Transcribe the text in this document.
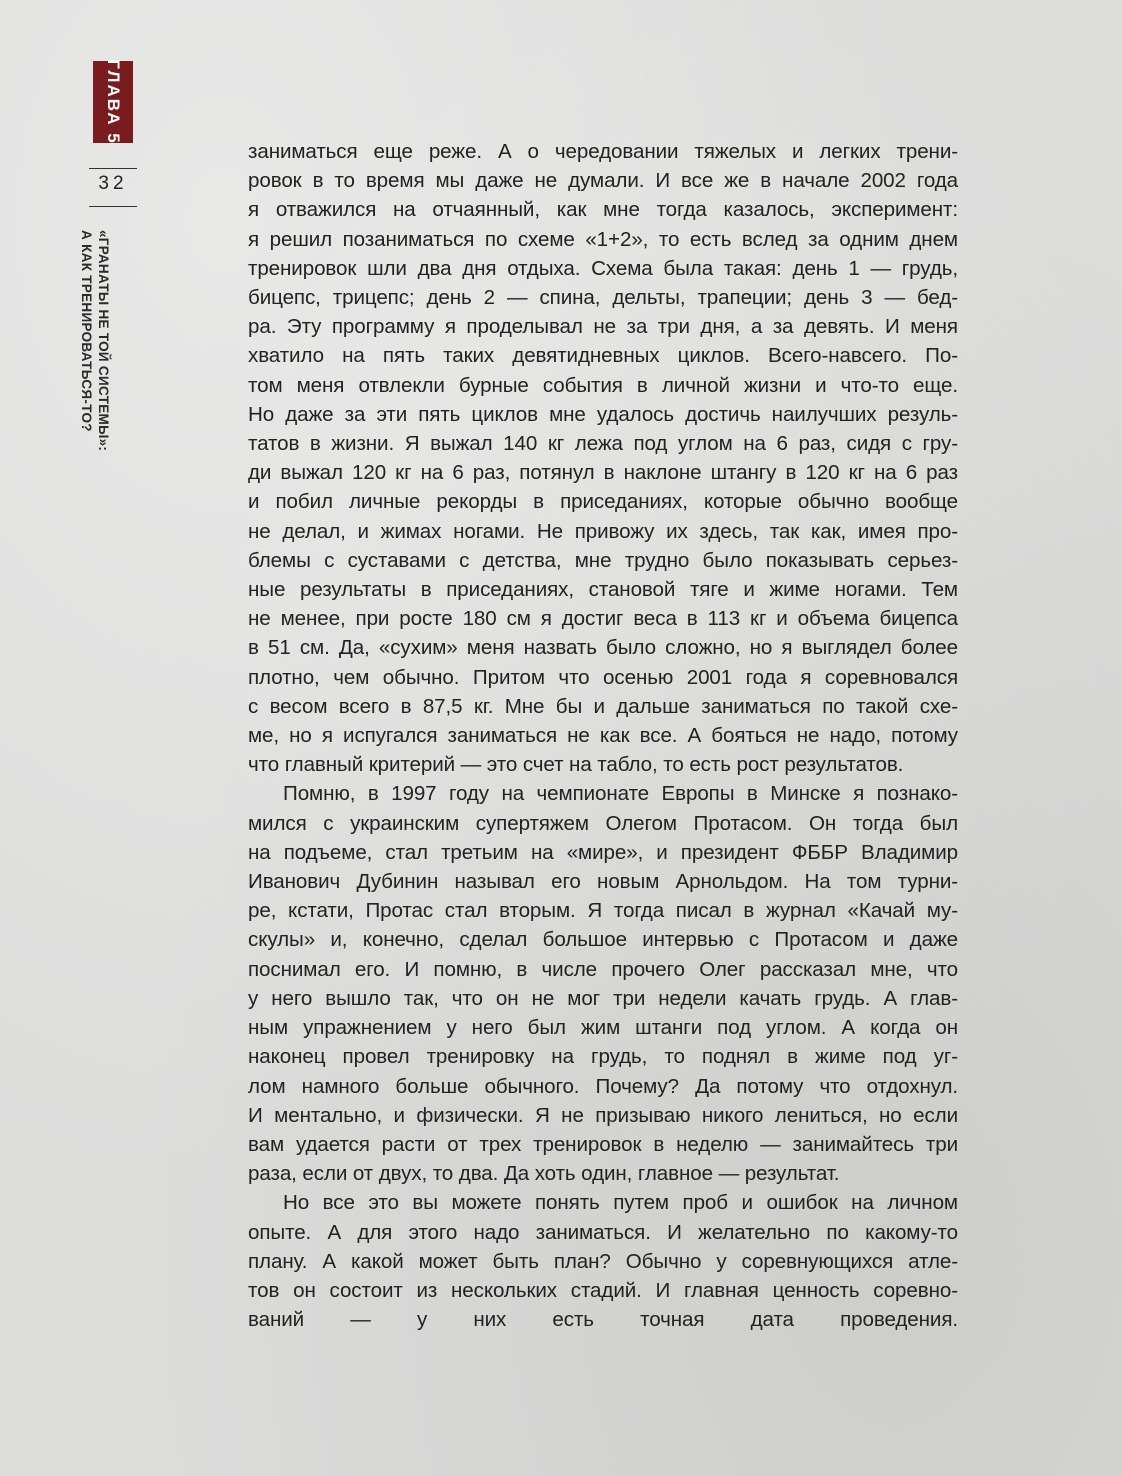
ГЛАВА 5
32
«ГРАНАТЫ НЕ ТОЙ СИСТЕМЫ»:
А КАК ТРЕНИРОВАТЬСЯ-ТО?
заниматься еще реже. А о чередовании тяжелых и легких трени-
ровок в то время мы даже не думали. И все же в начале 2002 года
я отважился на отчаянный, как мне тогда казалось, эксперимент:
я решил позаниматься по схеме «1+2», то есть вслед за одним днем
тренировок шли два дня отдыха. Схема была такая: день 1 — грудь,
бицепс, трицепс; день 2 — спина, дельты, трапеции; день 3 — бед-
ра. Эту программу я проделывал не за три дня, а за девять. И меня
хватило на пять таких девятидневных циклов. Всего-навсего. По-
том меня отвлекли бурные события в личной жизни и что-то еще.
Но даже за эти пять циклов мне удалось достичь наилучших резуль-
татов в жизни. Я выжал 140 кг лежа под углом на 6 раз, сидя с гру-
ди выжал 120 кг на 6 раз, потянул в наклоне штангу в 120 кг на 6 раз
и побил личные рекорды в приседаниях, которые обычно вообще
не делал, и жимах ногами. Не привожу их здесь, так как, имея про-
блемы с суставами с детства, мне трудно было показывать серьез-
ные результаты в приседаниях, становой тяге и жиме ногами. Тем
не менее, при росте 180 см я достиг веса в 113 кг и объема бицепса
в 51 см. Да, «сухим» меня назвать было сложно, но я выглядел более
плотно, чем обычно. Притом что осенью 2001 года я соревновался
с весом всего в 87,5 кг. Мне бы и дальше заниматься по такой схе-
ме, но я испугался заниматься не как все. А бояться не надо, потому
что главный критерий — это счет на табло, то есть рост результатов.
Помню, в 1997 году на чемпионате Европы в Минске я познако-
мился с украинским супертяжем Олегом Протасом. Он тогда был
на подъеме, стал третьим на «мире», и президент ФББР Владимир
Иванович Дубинин называл его новым Арнольдом. На том турни-
ре, кстати, Протас стал вторым. Я тогда писал в журнал «Качай му-
скулы» и, конечно, сделал большое интервью с Протасом и даже
поснимал его. И помню, в числе прочего Олег рассказал мне, что
у него вышло так, что он не мог три недели качать грудь. А глав-
ным упражнением у него был жим штанги под углом. А когда он
наконец провел тренировку на грудь, то поднял в жиме под уг-
лом намного больше обычного. Почему? Да потому что отдохнул.
И ментально, и физически. Я не призываю никого лениться, но если
вам удается расти от трех тренировок в неделю — занимайтесь три
раза, если от двух, то два. Да хоть один, главное — результат.
Но все это вы можете понять путем проб и ошибок на личном
опыте. А для этого надо заниматься. И желательно по какому-то
плану. А какой может быть план? Обычно у соревнующихся атле-
тов он состоит из нескольких стадий. И главная ценность соревно-
ваний — у них есть точная дата проведения.
